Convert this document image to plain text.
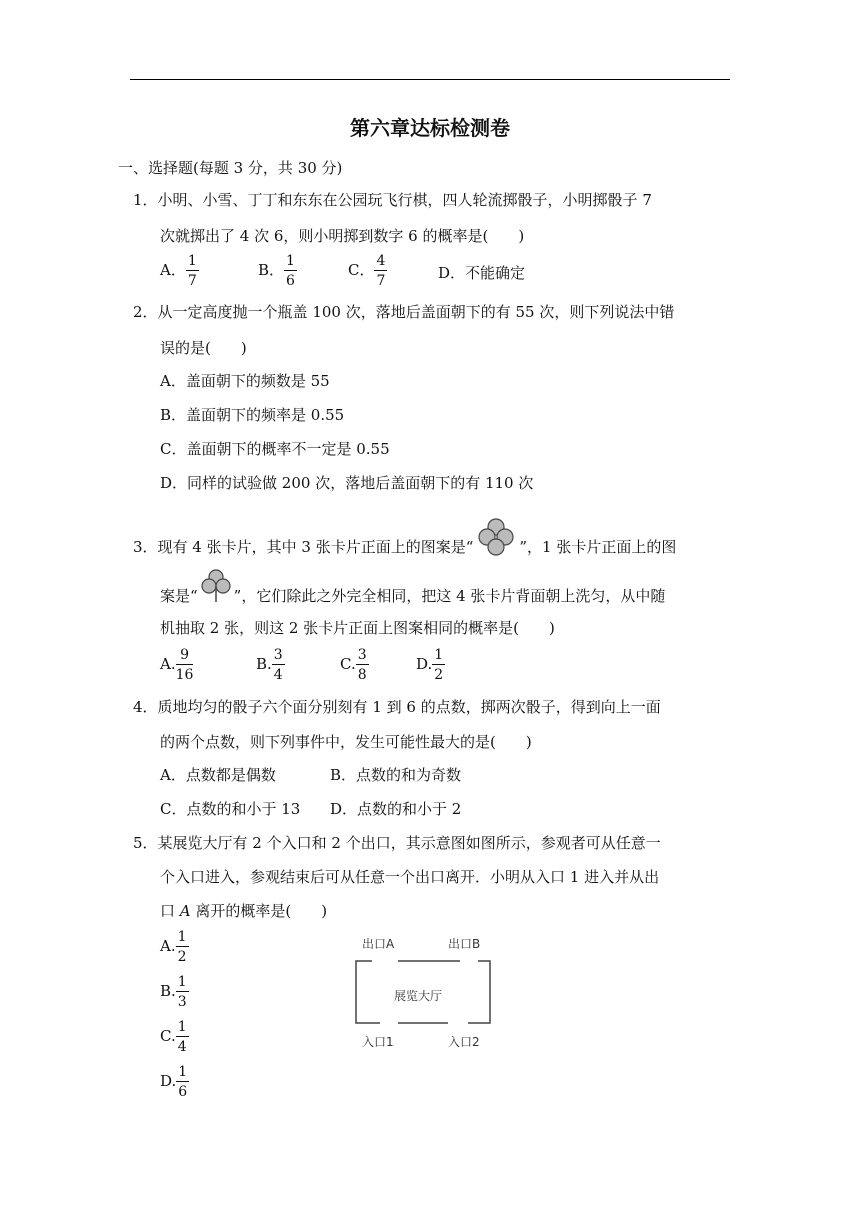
第六章达标检测卷
一、选择题(每题 3 分，共 30 分)
1．小明、小雪、丁丁和东东在公园玩飞行棋，四人轮流掷骰子，小明掷骰子 7
次就掷出了 4 次 6，则小明掷到数字 6 的概率是(　　)
A． $\frac{1}{7}$	B． $\frac{1}{6}$	C． $\frac{4}{7}$	D．不能确定
2．从一定高度抛一个瓶盖 100 次，落地后盖面朝下的有 55 次，则下列说法中错
误的是(　　)
A．盖面朝下的频数是 55
B．盖面朝下的频率是 0.55
C．盖面朝下的概率不一定是 0.55
D．同样的试验做 200 次，落地后盖面朝下的有 110 次
3．现有 4 张卡片，其中 3 张卡片正面上的图案是“	”，1 张卡片正面上的图
案是“ ”，它们除此之外完全相同，把这 4 张卡片背面朝上洗匀，从中随
机抽取 2 张，则这 2 张卡片正面上图案相同的概率是(　　)
A. $\frac{9}{16}$	B. $\frac{3}{4}$	C. $\frac{3}{8}$	D. $\frac{1}{2}$
4．质地均匀的骰子六个面分别刻有 1 到 6 的点数，掷两次骰子，得到向上一面
的两个点数，则下列事件中，发生可能性最大的是(　　)
A．点数都是偶数	B．点数的和为奇数
C．点数的和小于 13 D．点数的和小于 2
5．某展览大厅有 2 个入口和 2 个出口，其示意图如图所示，参观者可从任意一
个入口进入，参观结束后可从任意一个出口离开．小明从入口 1 进入并从出
口 A 离开的概率是(　　)
A. $\frac{1}{2}$
B. $\frac{1}{3}$
C. $\frac{1}{4}$
D. $\frac{1}{6}$
出口A	出口B
展览大厅
入口1	入口2
